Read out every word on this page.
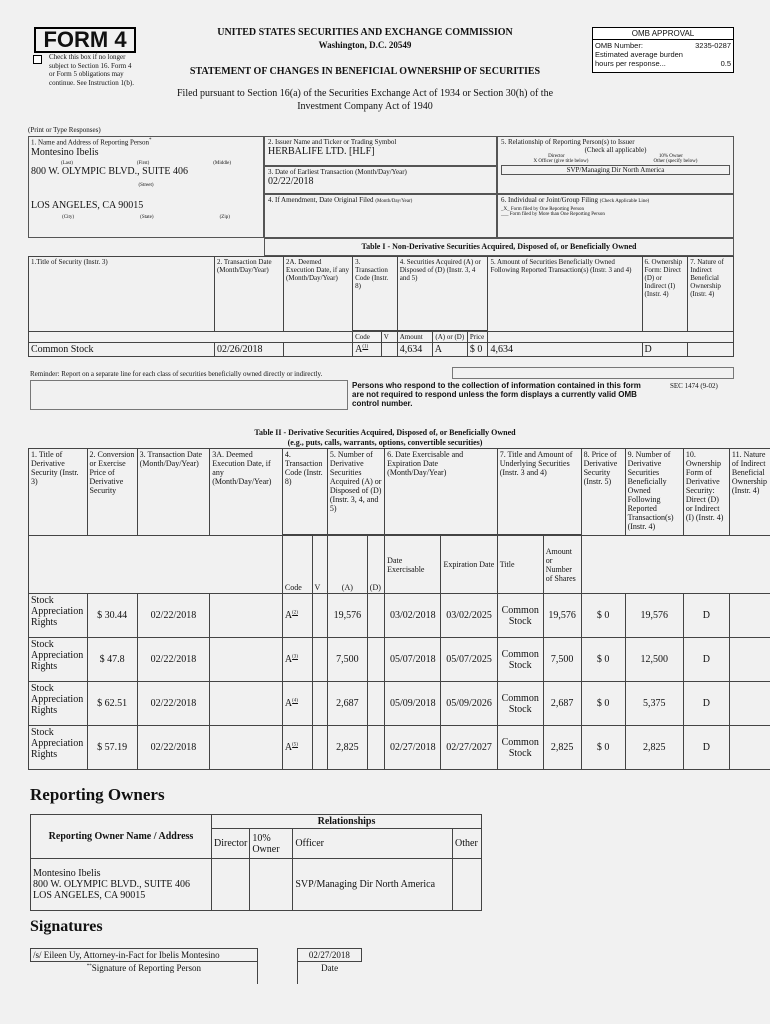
FORM 4
Check this box if no longer subject to Section 16. Form 4 or Form 5 obligations may continue. See Instruction 1(b).
UNITED STATES SECURITIES AND EXCHANGE COMMISSION
Washington, D.C. 20549
STATEMENT OF CHANGES IN BENEFICIAL OWNERSHIP OF SECURITIES
Filed pursuant to Section 16(a) of the Securities Exchange Act of 1934 or Section 30(h) of the
Investment Company Act of 1940
OMB APPROVAL
OMB Number:	3235-0287
Estimated average burden
hours per response...	0.5
(Print or Type Responses)
1. Name and Address of Reporting Person*
Montesino Ibelis
(Last)	(First)	(Middle)
800 W. OLYMPIC BLVD., SUITE 406
(Street)
LOS ANGELES, CA 90015
(City)	(State)	(Zip)
2. Issuer Name and Ticker or Trading Symbol
HERBALIFE LTD. [HLF]
3. Date of Earliest Transaction (Month/Day/Year)
02/22/2018
4. If Amendment, Date Original Filed (Month/Day/Year)
5. Relationship of Reporting Person(s) to Issuer
(Check all applicable)
Director	10% Owner
X Officer (give title below)	Other (specify below)
SVP/Managing Dir North America
6. Individual or Joint/Group Filing (Check Applicable Line)
_X_ Form filed by One Reporting Person
___ Form filed by More than One Reporting Person
Table I - Non-Derivative Securities Acquired, Disposed of, or Beneficially Owned
1.Title of Security (Instr. 3)	2. Transaction Date (Month/Day/Year)	2A. Deemed Execution Date, if any (Month/Day/Year)	3. Transaction Code (Instr. 8)		4. Securities Acquired (A) or Disposed of (D) (Instr. 3, 4 and 5)			5. Amount of Securities Beneficially Owned Following Reported Transaction(s) (Instr. 3 and 4)	6. Ownership Form: Direct (D) or Indirect (I) (Instr. 4)	7. Nature of Indirect Beneficial Ownership (Instr. 4)

			Code	V	Amount	(A) or (D)	Price			
Common Stock	02/26/2018		$A^{(1)}$		4,634	A	$ 0	4,634	D	
Reminder: Report on a separate line for each class of securities beneficially owned directly or indirectly.
Persons who respond to the collection of information contained in this form are not required to respond unless the form displays a currently valid OMB control number.
SEC 1474 (9-02)
Table II - Derivative Securities Acquired, Disposed of, or Beneficially Owned
(e.g., puts, calls, warrants, options, convertible securities)
1. Title of Derivative Security (Instr. 3)	2. Conversion or Exercise Price of Derivative Security	3. Transaction Date (Month/Day/Year)	3A. Deemed Execution Date, if any (Month/Day/Year)	4. Transaction Code (Instr. 8)		5. Number of Derivative Securities Acquired (A) or Disposed of (D) (Instr. 3, 4, and 5)		6. Date Exercisable and Expiration Date (Month/Day/Year)		7. Title and Amount of Underlying Securities (Instr. 3 and 4)		8. Price of Derivative Security (Instr. 5)	9. Number of Derivative Securities Beneficially Owned Following Reported Transaction(s) (Instr. 4)	10. Ownership Form of Derivative Security: Direct (D) or Indirect (I) (Instr. 4)	11. Nature of Indirect Beneficial Ownership (Instr. 4)

				Code	V	(A)	(D)	Date Exercisable	Expiration Date	Title	Amount or Number of Shares				
Stock Appreciation Rights	$ 30.44	02/22/2018		$A^{(2)}$		19,576		03/02/2018	03/02/2025	Common Stock	19,576	$ 0	19,576	D	
Stock Appreciation Rights	$ 47.8	02/22/2018		$A^{(3)}$		7,500		05/07/2018	05/07/2025	Common Stock	7,500	$ 0	12,500	D	
Stock Appreciation Rights	$ 62.51	02/22/2018		$A^{(4)}$		2,687		05/09/2018	05/09/2026	Common Stock	2,687	$ 0	5,375	D	
Stock Appreciation Rights	$ 57.19	02/22/2018		$A^{(5)}$		2,825		02/27/2018	02/27/2027	Common Stock	2,825	$ 0	2,825	D	
Reporting Owners
Reporting Owner Name / Address	Relationships			
	Director	10% Owner	Officer	Other

Montesino Ibelis
800 W. OLYMPIC BLVD., SUITE 406
LOS ANGELES, CA 90015			SVP/Managing Dir North America	
Signatures
/s/ Eileen Uy, Attorney-in-Fact for Ibelis Montesino		02/27/2018
**Signature of Reporting Person		Date
